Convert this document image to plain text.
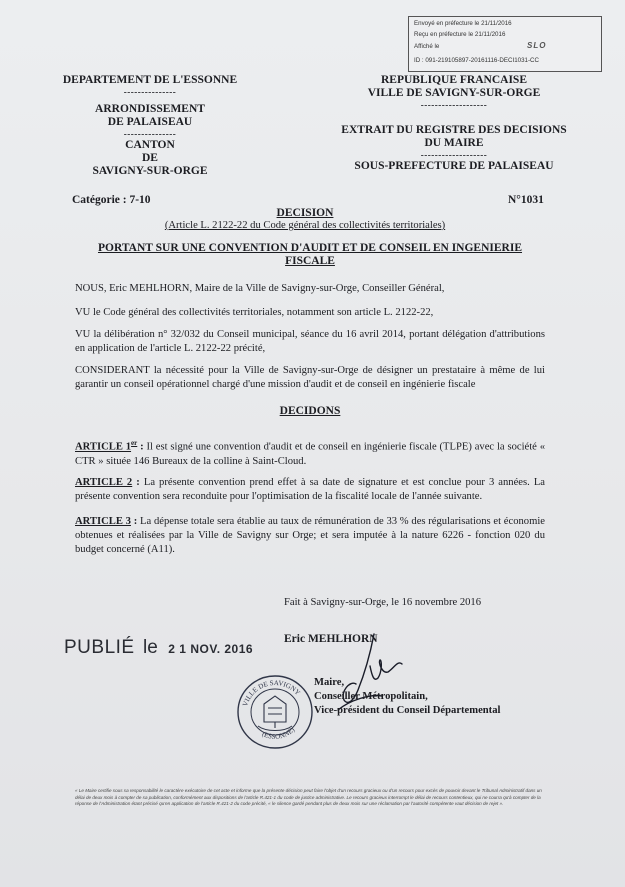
Envoyé en préfecture le 21/11/2016
Reçu en préfecture le 21/11/2016
Affiché le	SLO
ID : 091-219105897-20161116-DECI1031-CC
DEPARTEMENT DE L'ESSONNE
---------------
ARRONDISSEMENT
DE PALAISEAU
---------------
CANTON
DE
SAVIGNY-SUR-ORGE
REPUBLIQUE FRANCAISE
VILLE DE SAVIGNY-SUR-ORGE
-------------------
EXTRAIT DU REGISTRE DES DECISIONS
DU MAIRE
-------------------
SOUS-PREFECTURE DE PALAISEAU
Catégorie : 7-10	N°1031
DECISION
(Article L. 2122-22 du Code général des collectivités territoriales)
PORTANT SUR UNE CONVENTION D'AUDIT ET DE CONSEIL EN INGENIERIE
FISCALE
NOUS, Eric MEHLHORN, Maire de la Ville de Savigny-sur-Orge, Conseiller Général,
VU le Code général des collectivités territoriales, notamment son article L. 2122-22,
VU la délibération n° 32/032 du Conseil municipal, séance du 16 avril 2014, portant délégation d'attributions en application de l'article L. 2122-22 précité,
CONSIDERANT la nécessité pour la Ville de Savigny-sur-Orge de désigner un prestataire à même de lui garantir un conseil opérationnel chargé d'une mission d'audit et de conseil en ingénierie fiscale
DECIDONS
ARTICLE 1er : Il est signé une convention d'audit et de conseil en ingénierie fiscale (TLPE) avec la société « CTR » située 146 Bureaux de la colline à Saint-Cloud.
ARTICLE 2 : La présente convention prend effet à sa date de signature et est conclue pour 3 années. La présente convention sera reconduite pour l'optimisation de la fiscalité locale de l'année suivante.
ARTICLE 3 : La dépense totale sera établie au taux de rémunération de 33 % des régularisations et économie obtenues et réalisées par la Ville de Savigny sur Orge; et sera imputée à la nature 6226 - fonction 020 du budget concerné (A11).
Fait à Savigny-sur-Orge, le 16 novembre 2016
PUBLIÉ le 2 1 NOV. 2016
Eric MEHLHORN
Maire,
Conseiller Métropolitain,
Vice-président du Conseil Départemental
VILLE DE SAVIGNY
(ESSONNE)
« Le Maire certifie sous sa responsabilité le caractère exécutoire de cet acte et informe que la présente décision peut faire l'objet d'un recours gracieux ou d'un recours pour excès de pouvoir devant le Tribunal Administratif dans un délai de deux mois à compter de sa publication, conformément aux dispositions de l'article R.421-1 du code de justice administrative. Le recours gracieux interrompt le délai de recours contentieux, qui ne courra qu'à compter de la réponse de l'Administration étant précisé qu'en application de l'article R.421-2 du code précité, « le silence gardé pendant plus de deux mois sur une réclamation par l'autorité compétente vaut décision de rejet ».
